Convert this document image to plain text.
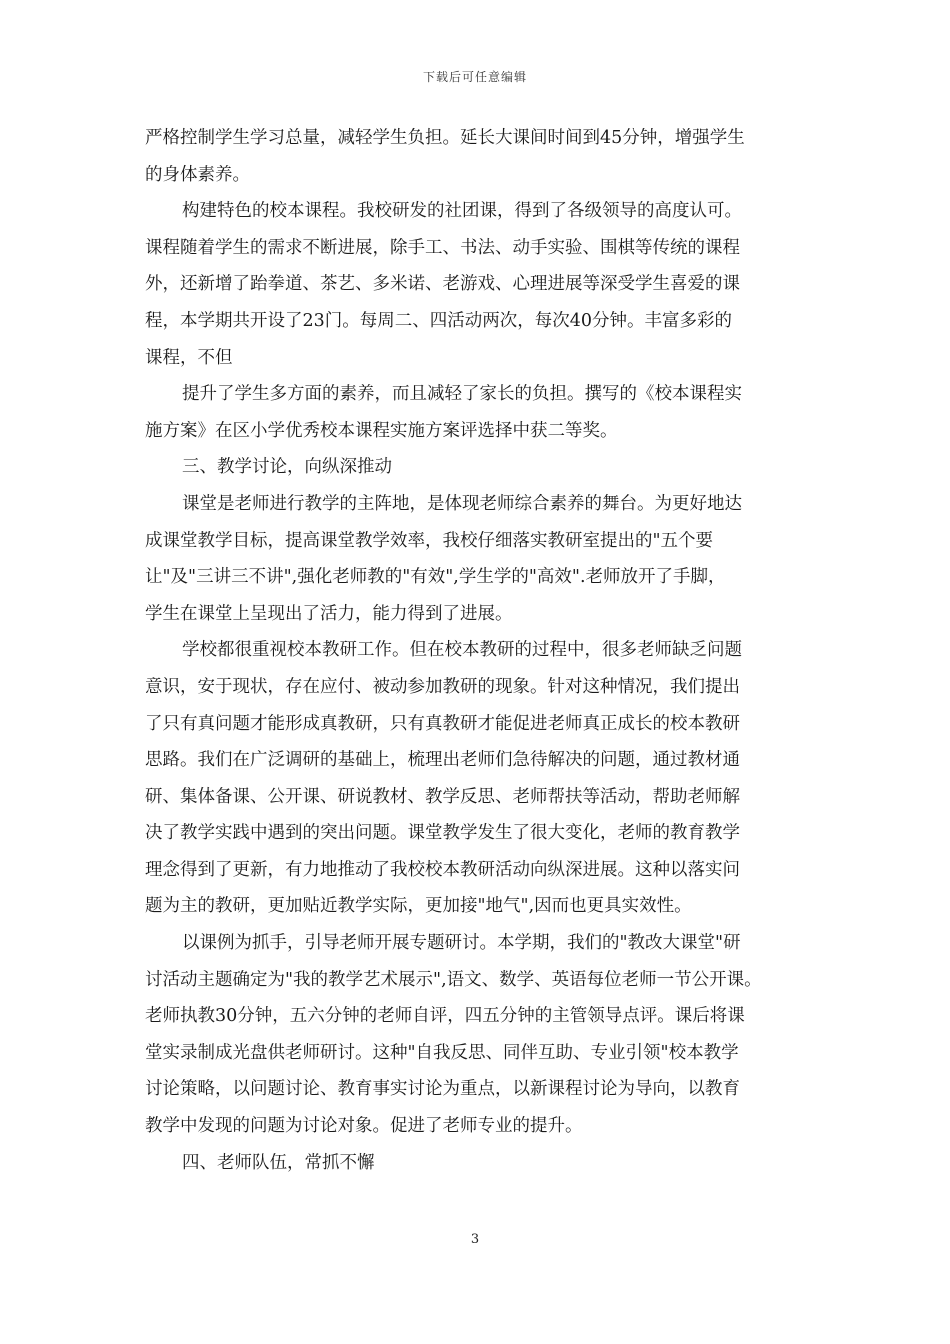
下载后可任意编辑
严格控制学生学习总量，减轻学生负担。延长大课间时间到45分钟，增强学生
的身体素养。
构建特色的校本课程。我校研发的社团课，得到了各级领导的高度认可。
课程随着学生的需求不断进展，除手工、书法、动手实验、围棋等传统的课程
外，还新增了跆拳道、茶艺、多米诺、老游戏、心理进展等深受学生喜爱的课
程，本学期共开设了23门。每周二、四活动两次，每次40分钟。丰富多彩的
课程，不但
提升了学生多方面的素养，而且减轻了家长的负担。撰写的《校本课程实
施方案》在区小学优秀校本课程实施方案评选择中获二等奖。
三、教学讨论，向纵深推动
课堂是老师进行教学的主阵地，是体现老师综合素养的舞台。为更好地达
成课堂教学目标，提高课堂教学效率，我校仔细落实教研室提出的"五个要
让"及"三讲三不讲",强化老师教的"有效",学生学的"高效".老师放开了手脚，
学生在课堂上呈现出了活力，能力得到了进展。
学校都很重视校本教研工作。但在校本教研的过程中，很多老师缺乏问题
意识，安于现状，存在应付、被动参加教研的现象。针对这种情况，我们提出
了只有真问题才能形成真教研，只有真教研才能促进老师真正成长的校本教研
思路。我们在广泛调研的基础上，梳理出老师们急待解决的问题，通过教材通
研、集体备课、公开课、研说教材、教学反思、老师帮扶等活动，帮助老师解
决了教学实践中遇到的突出问题。课堂教学发生了很大变化，老师的教育教学
理念得到了更新，有力地推动了我校校本教研活动向纵深进展。这种以落实问
题为主的教研，更加贴近教学实际，更加接"地气",因而也更具实效性。
以课例为抓手，引导老师开展专题研讨。本学期，我们的"教改大课堂"研
讨活动主题确定为"我的教学艺术展示",语文、数学、英语每位老师一节公开课。
老师执教30分钟，五六分钟的老师自评，四五分钟的主管领导点评。课后将课
堂实录制成光盘供老师研讨。这种"自我反思、同伴互助、专业引领"校本教学
讨论策略，以问题讨论、教育事实讨论为重点，以新课程讨论为导向，以教育
教学中发现的问题为讨论对象。促进了老师专业的提升。
四、老师队伍，常抓不懈
3
